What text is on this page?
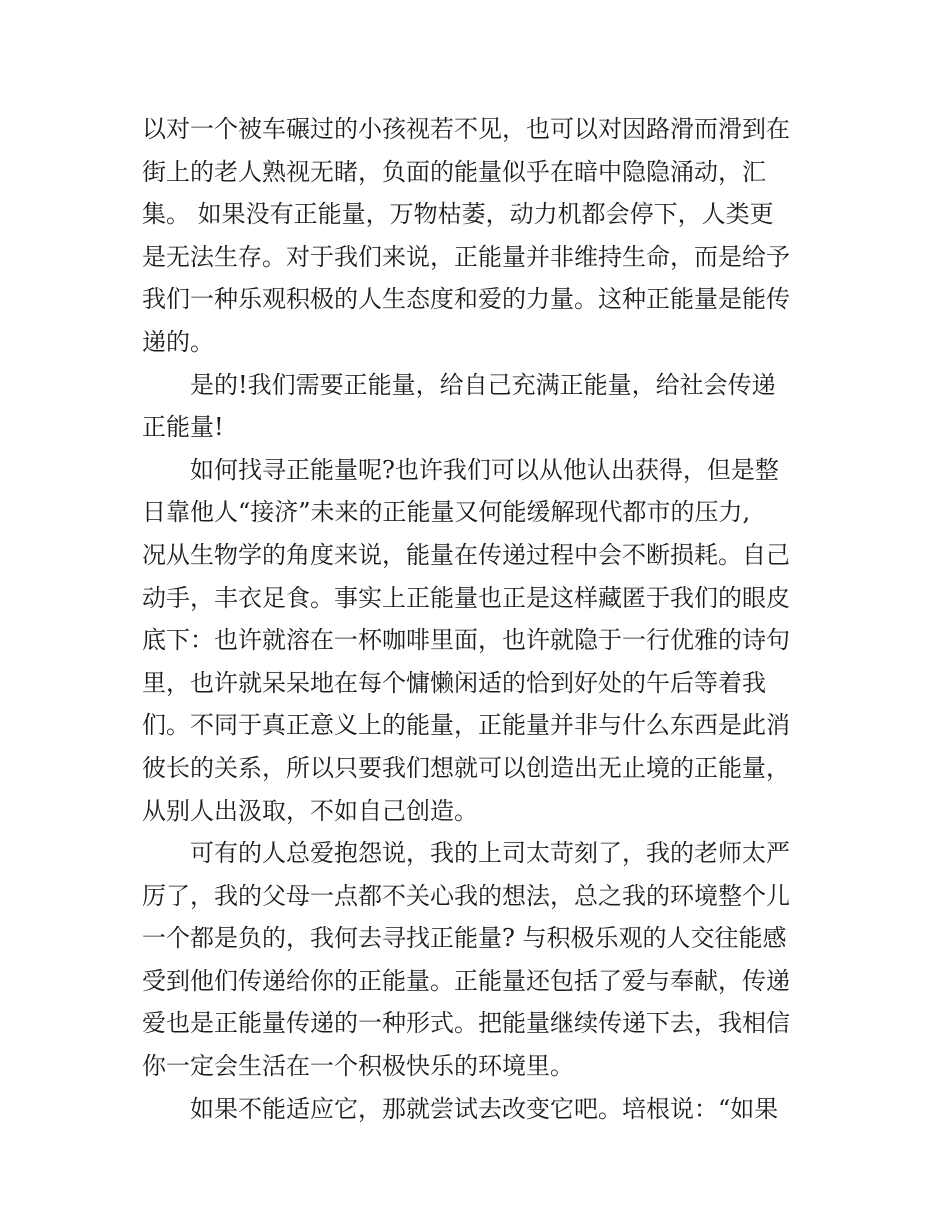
以对一个被车碾过的小孩视若不见，也可以对因路滑而滑到在
街上的老人熟视无睹，负面的能量似乎在暗中隐隐涌动，汇
集。 如果没有正能量，万物枯萎，动力机都会停下，人类更
是无法生存。对于我们来说，正能量并非维持生命，而是给予
我们一种乐观积极的人生态度和爱的力量。这种正能量是能传
递的。
是的!我们需要正能量，给自己充满正能量，给社会传递
正能量!
如何找寻正能量呢?也许我们可以从他认出获得，但是整
日靠他人“接济”未来的正能量又何能缓解现代都市的压力,
况从生物学的角度来说，能量在传递过程中会不断损耗。自己
动手，丰衣足食。事实上正能量也正是这样藏匿于我们的眼皮
底下：也许就溶在一杯咖啡里面，也许就隐于一行优雅的诗句
里，也许就呆呆地在每个慵懒闲适的恰到好处的午后等着我
们。不同于真正意义上的能量，正能量并非与什么东西是此消
彼长的关系，所以只要我们想就可以创造出无止境的正能量，
从别人出汲取，不如自己创造。
可有的人总爱抱怨说，我的上司太苛刻了，我的老师太严
厉了，我的父母一点都不关心我的想法，总之我的环境整个儿
一个都是负的，我何去寻找正能量? 与积极乐观的人交往能感
受到他们传递给你的正能量。正能量还包括了爱与奉献，传递
爱也是正能量传递的一种形式。把能量继续传递下去，我相信
你一定会生活在一个积极快乐的环境里。
如果不能适应它，那就尝试去改变它吧。培根说：“如果
